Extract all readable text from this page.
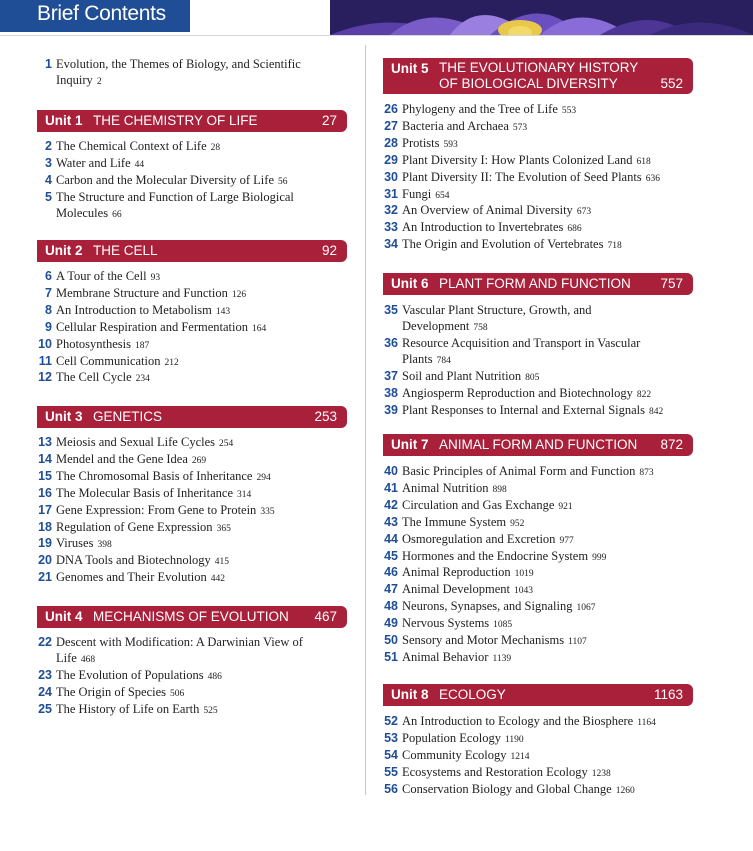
Brief Contents
1 Evolution, the Themes of Biology, and Scientific
Inquiry 2
Unit 1 THE CHEMISTRY OF LIFE	27
2 The Chemical Context of Life 28
3 Water and Life 44
4 Carbon and the Molecular Diversity of Life 56
5 The Structure and Function of Large Biological
Molecules 66
Unit 2 THE CELL	92
6 A Tour of the Cell 93
7 Membrane Structure and Function 126
8 An Introduction to Metabolism 143
9 Cellular Respiration and Fermentation 164
10 Photosynthesis 187
11 Cell Communication 212
12 The Cell Cycle 234
Unit 3 GENETICS	253
13 Meiosis and Sexual Life Cycles 254
14 Mendel and the Gene Idea 269
15 The Chromosomal Basis of Inheritance 294
16 The Molecular Basis of Inheritance 314
17 Gene Expression: From Gene to Protein 335
18 Regulation of Gene Expression 365
19 Viruses 398
20 DNA Tools and Biotechnology 415
21 Genomes and Their Evolution 442
Unit 4 MECHANISMS OF EVOLUTION 467
22 Descent with Modification: A Darwinian View of
Life 468
23 The Evolution of Populations 486
24 The Origin of Species 506
25 The History of Life on Earth 525
Unit 5 THE EVOLUTIONARY HISTORY
OF BIOLOGICAL DIVERSITY	552
26 Phylogeny and the Tree of Life 553
27 Bacteria and Archaea 573
28 Protists 593
29 Plant Diversity I: How Plants Colonized Land 618
30 Plant Diversity II: The Evolution of Seed Plants 636
31 Fungi 654
32 An Overview of Animal Diversity 673
33 An Introduction to Invertebrates 686
34 The Origin and Evolution of Vertebrates 718
Unit 6 PLANT FORM AND FUNCTION 757
35 Vascular Plant Structure, Growth, and
Development 758
36 Resource Acquisition and Transport in Vascular
Plants 784
37 Soil and Plant Nutrition 805
38 Angiosperm Reproduction and Biotechnology 822
39 Plant Responses to Internal and External Signals 842
Unit 7 ANIMAL FORM AND FUNCTION 872
40 Basic Principles of Animal Form and Function 873
41 Animal Nutrition 898
42 Circulation and Gas Exchange 921
43 The Immune System 952
44 Osmoregulation and Excretion 977
45 Hormones and the Endocrine System 999
46 Animal Reproduction 1019
47 Animal Development 1043
48 Neurons, Synapses, and Signaling 1067
49 Nervous Systems 1085
50 Sensory and Motor Mechanisms 1107
51 Animal Behavior 1139
Unit 8 ECOLOGY	1163
52 An Introduction to Ecology and the Biosphere 1164
53 Population Ecology 1190
54 Community Ecology 1214
55 Ecosystems and Restoration Ecology 1238
56 Conservation Biology and Global Change 1260
